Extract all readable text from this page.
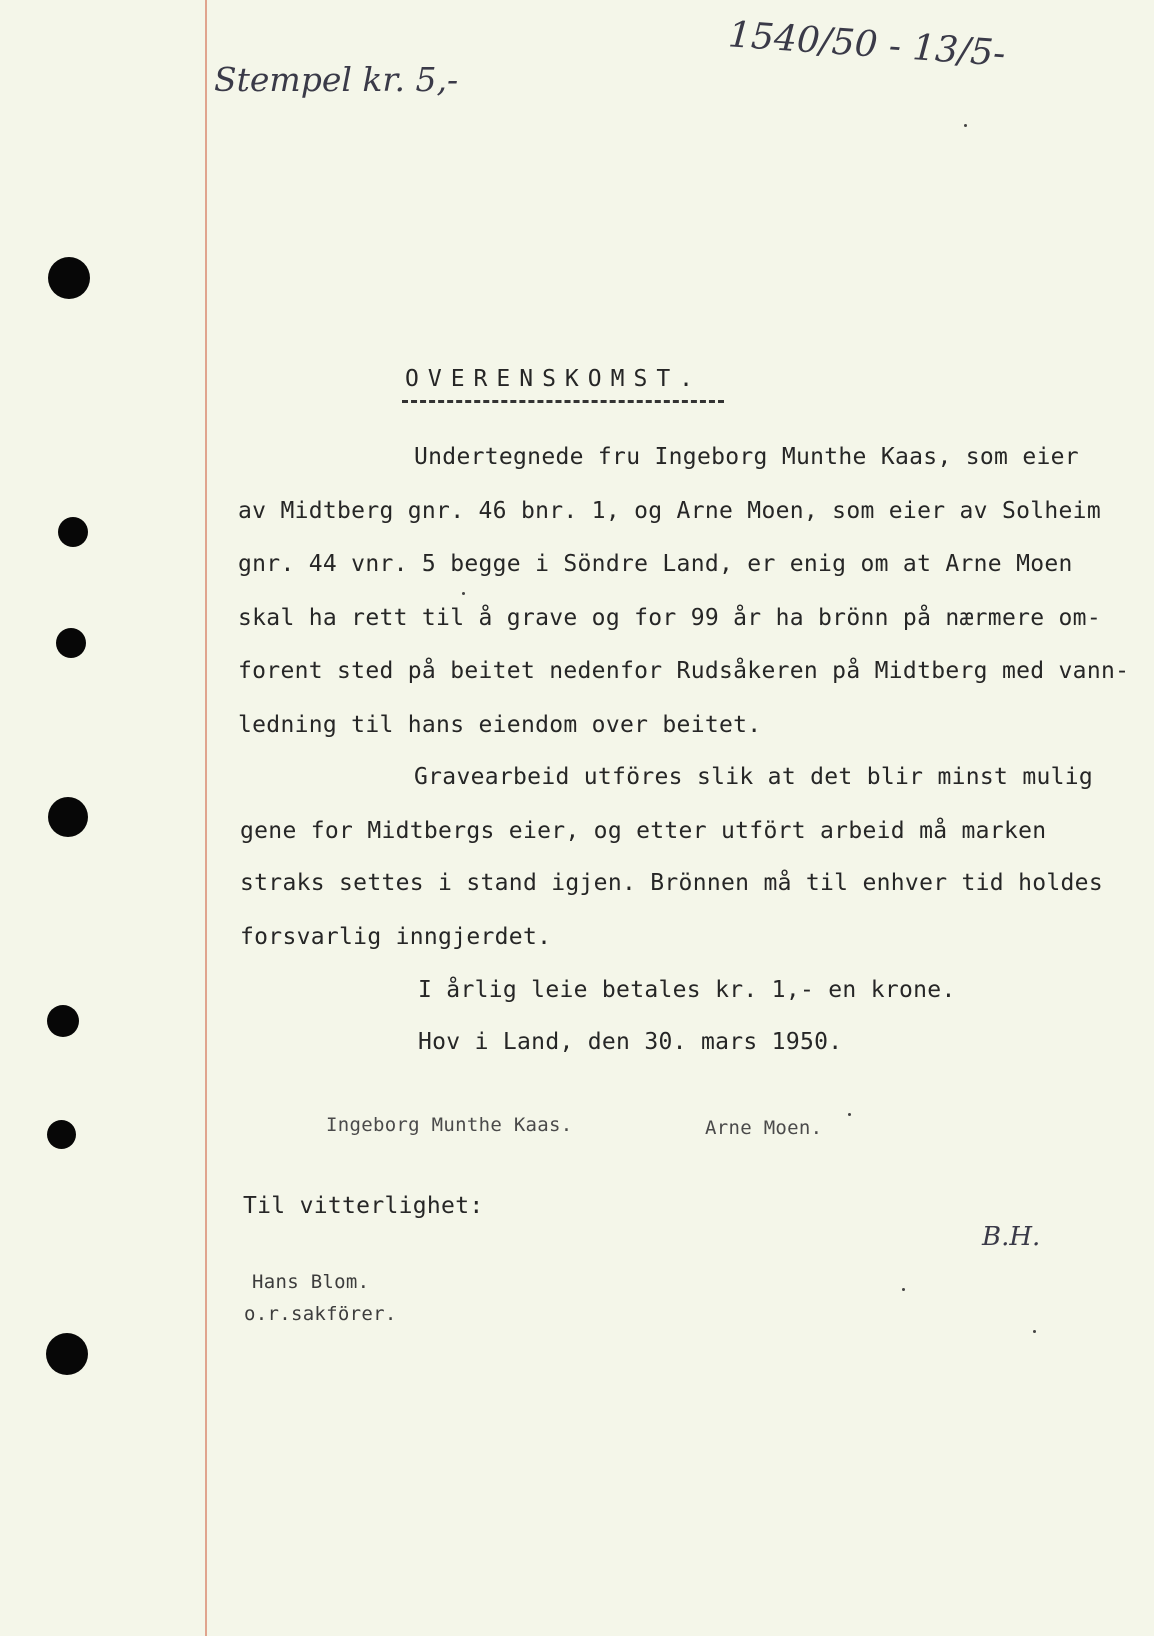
Stempel kr. 5,-
1540/50 - 13/5-
OVERENSKOMST.
Undertegnede fru Ingeborg Munthe Kaas, som eier
av Midtberg gnr. 46 bnr. 1, og Arne Moen, som eier av Solheim
gnr. 44 vnr. 5 begge i Söndre Land, er enig om at Arne Moen
skal ha rett til å grave og for 99 år ha brönn på nærmere om-
forent sted på beitet nedenfor Rudsåkeren på Midtberg med vann-
ledning til hans eiendom over beitet.
Gravearbeid utföres slik at det blir minst mulig
gene for Midtbergs eier, og etter utfört arbeid må marken
straks settes i stand igjen. Brönnen må til enhver tid holdes
forsvarlig inngjerdet.
I årlig leie betales kr. 1,- en krone.
Hov i Land, den 30. mars 1950.
Ingeborg Munthe Kaas.	Arne Moen.
Til vitterlighet:
B.H.
Hans Blom.
o.r.sakförer.
